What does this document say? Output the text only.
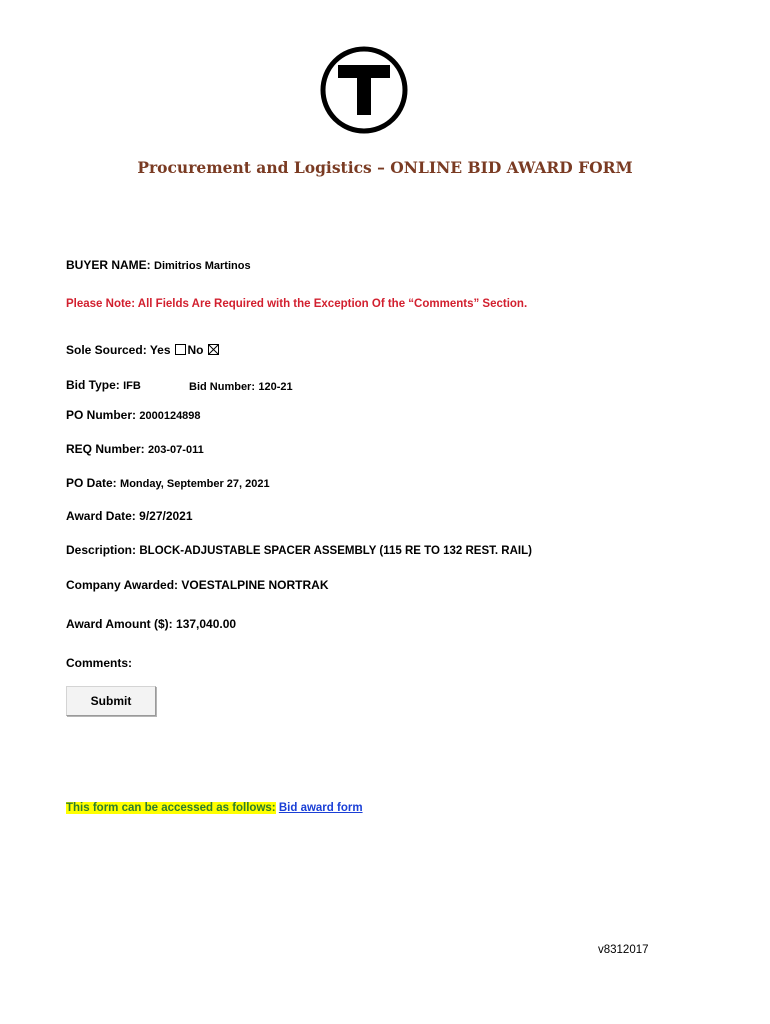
Procurement and Logistics – ONLINE BID AWARD FORM
BUYER NAME: Dimitrios Martinos
Please Note: All Fields Are Required with the Exception Of the “Comments” Section.
Sole Sourced: Yes No
Bid Type: IFB	Bid Number: 120-21
PO Number: 2000124898
REQ Number: 203-07-011
PO Date: Monday, September 27, 2021
Award Date: 9/27/2021
Description: BLOCK-ADJUSTABLE SPACER ASSEMBLY (115 RE TO 132 REST. RAIL)
Company Awarded: VOESTALPINE NORTRAK
Award Amount ($): 137,040.00
Comments:
Submit
This form can be accessed as follows: Bid award form
v8312017
